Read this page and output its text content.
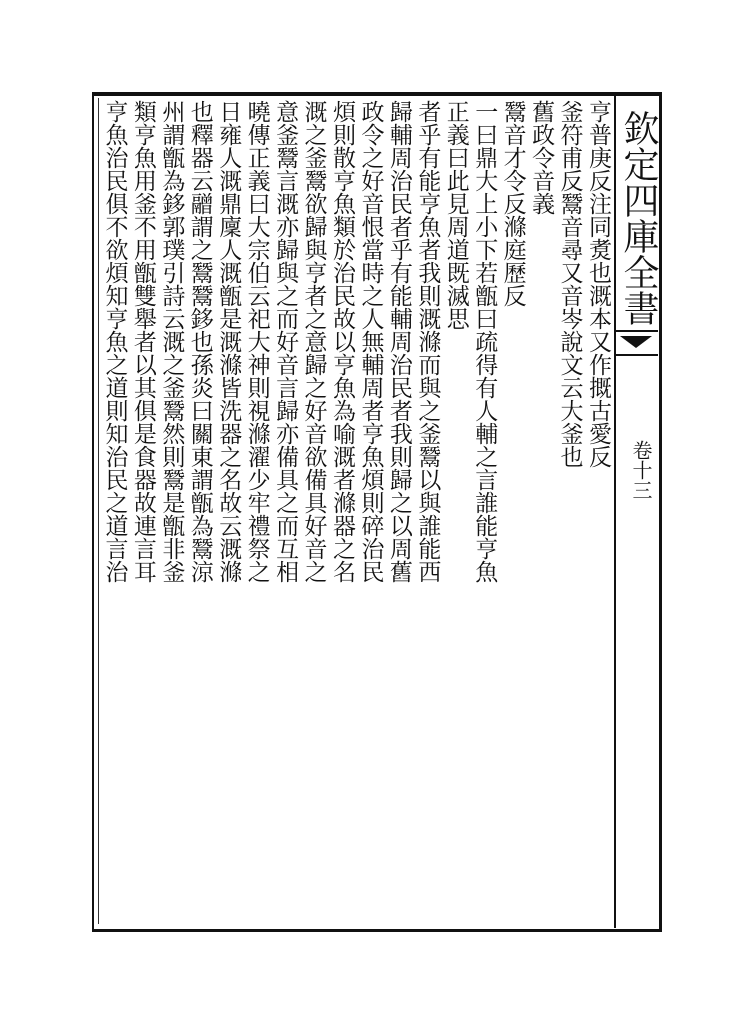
欽定四庫全書
卷十三
亨普庚反注同煑也溉本又作摡古愛反
釜符甫反鬵音尋又音岑說文云大釜也
舊政令音義
鬵音才令反滌庭歷反
一曰鼎大上小下若甑曰疏得有人輔之言誰能亨魚
正義曰此見周道既滅思
者乎有能亨魚者我則溉滌而與之釜鬵以與誰能西
歸輔周治民者乎有能輔周治民者我則歸之以周舊
政令之好音恨當時之人無輔周者亨魚煩則碎治民
煩則散亨魚類於治民故以亨魚為喻溉者滌器之名
溉之釜鬵欲歸與亨者之意歸之好音欲備具好音之
意釜鬵言溉亦歸與之而好音言歸亦備具之而互相
曉傳正義曰大宗伯云祀大神則視滌濯少牢禮祭之
日雍人溉鼎廩人溉甑是溉滌皆洗器之名故云溉滌
也釋器云䰝謂之鬵鬵鉹也孫炎曰關東謂甑為鬵涼
州謂甑為鉹郭璞引詩云溉之釜鬵然則鬵是甑非釜
類亨魚用釜不用甑雙舉者以其俱是食器故連言耳
亨魚治民俱不欲煩知亨魚之道則知治民之道言治
